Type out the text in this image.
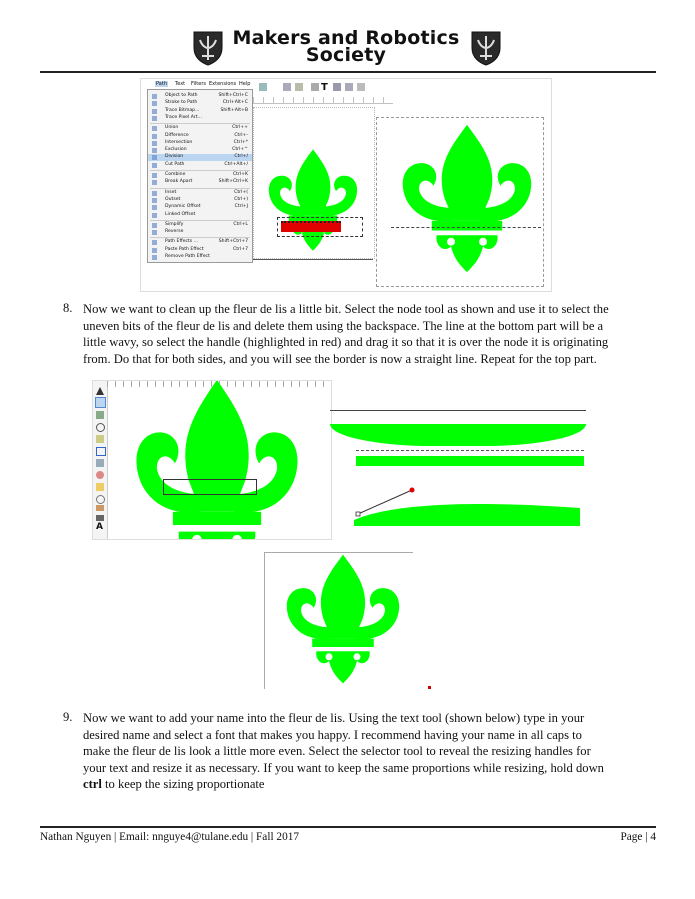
Makers and Robotics
Society
Path Text Filters Extensions Help	T
Object to Path	Shift+Ctrl+C
Stroke to Path	Ctrl+Alt+C
Trace Bitmap...	Shift+Alt+B
Trace Pixel Art...
Union	Ctrl++
Difference	Ctrl+-
Intersection	Ctrl+*
Exclusion	Ctrl+^
Division	Ctrl+/
Cut Path	Ctrl+Alt+/
Combine	Ctrl+K
Break Apart	Shift+Ctrl+K
Inset	Ctrl+(
Outset	Ctrl+)
Dynamic Offset	Ctrl+J
Linked Offset
Simplify	Ctrl+L
Reverse
Path Effects ...	Shift+Ctrl+7
Paste Path Effect	Ctrl+7
Remove Path Effect
8. Now we want to clean up the fleur de lis a little bit. Select the node tool as shown and use it to select the
uneven bits of the fleur de lis and delete them using the backspace. The line at the bottom part will be a
little wavy, so select the handle (highlighted in red) and drag it so that it is over the node it is originating
from. Do that for both sides, and you will see the border is now a straight line. Repeat for the top part.
A
9. Now we want to add your name into the fleur de lis. Using the text tool (shown below) type in your
desired name and select a font that makes you happy. I recommend having your name in all caps to
make the fleur de lis look a little more even. Select the selector tool to reveal the resizing handles for
your text and resize it as necessary. If you want to keep the same proportions while resizing, hold down
ctrl to keep the sizing proportionate
Nathan Nguyen | Email: nnguye4@tulane.edu | Fall 2017	Page | 4
